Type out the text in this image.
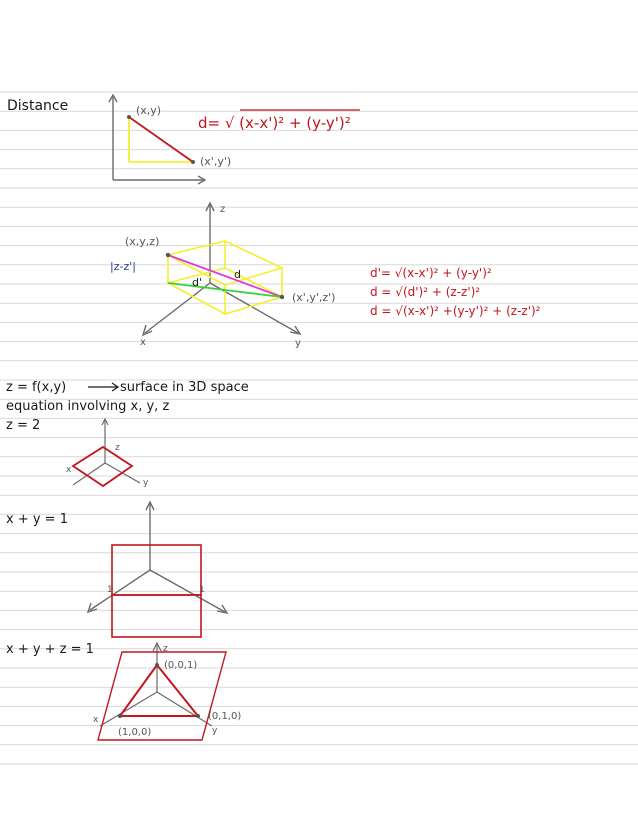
Distance	(x,y)
(x',y')
d= √ (x-x')² + (y-y')²
z
x	y
(x,y,z)
(x',y',z')
|z-z'|
d'
d	d'= √(x-x')² + (y-y')²
d = √(d')² + (z-z')²
d = √(x-x')² +(y-y')² + (z-z')²
z = f(x,y)	surface in 3D space
equation involving x, y, z
z = 2
z
x
y
x + y = 1
1	1
x + y + z = 1	z
x
y
(0,0,1)
(0,1,0)
(1,0,0)
